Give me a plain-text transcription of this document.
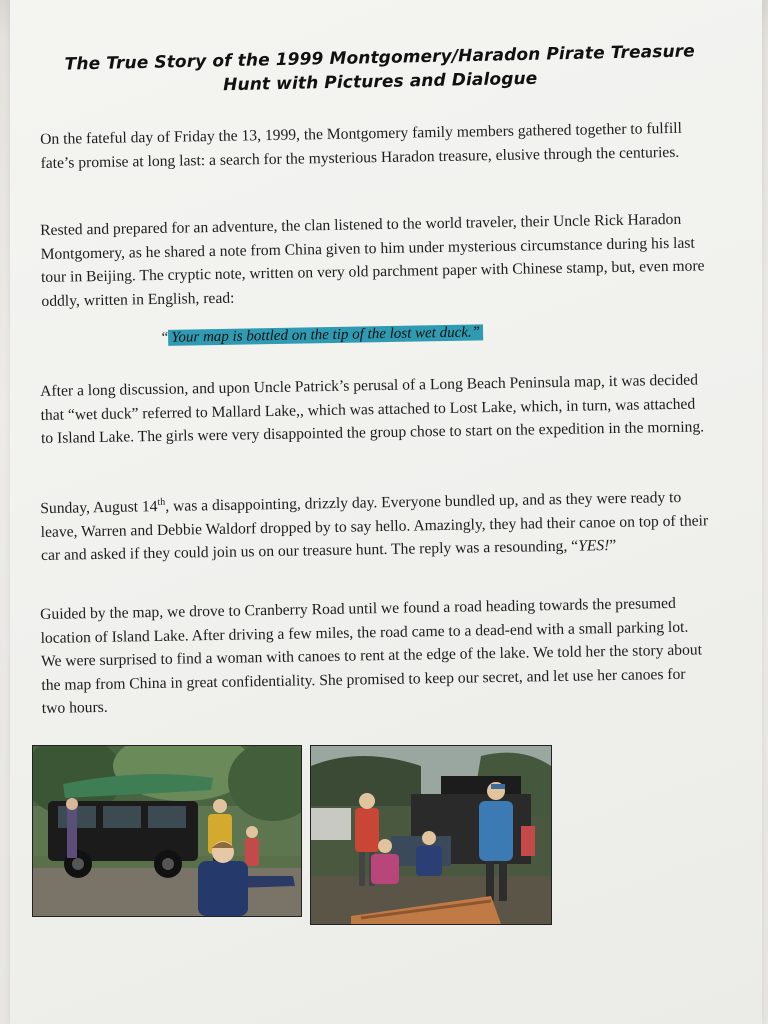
The True Story of the 1999 Montgomery/Haradon Pirate Treasure
Hunt with Pictures and Dialogue

On the fateful day of Friday the 13, 1999, the Montgomery family members gathered together to fulfill fate’s promise at long last: a search for the mysterious Haradon treasure, elusive through the centuries.

Rested and prepared for an adventure, the clan listened to the world traveler, their Uncle Rick Haradon Montgomery, as he shared a note from China given to him under mysterious circumstance during his last tour in Beijing. The cryptic note, written on very old parchment paper with Chinese stamp, but, even more oddly, written in English, read:

“ Your map is bottled on the tip of the lost wet duck.”

After a long discussion, and upon Uncle Patrick’s perusal of a Long Beach Peninsula map, it was decided that “wet duck” referred to Mallard Lake,, which was attached to Lost Lake, which, in turn, was attached to Island Lake. The girls were very disappointed the group chose to start on the expedition in the morning.

Sunday, August 14th, was a disappointing, drizzly day. Everyone bundled up, and as they were ready to leave, Warren and Debbie Waldorf dropped by to say hello. Amazingly, they had their canoe on top of their car and asked if they could join us on our treasure hunt. The reply was a resounding, “YES!”

Guided by the map, we drove to Cranberry Road until we found a road heading towards the presumed location of Island Lake. After driving a few miles, the road came to a dead-end with a small parking lot. We were surprised to find a woman with canoes to rent at the edge of the lake. We told her the story about the map from China in great confidentiality. She promised to keep our secret, and let use her canoes for two hours.
